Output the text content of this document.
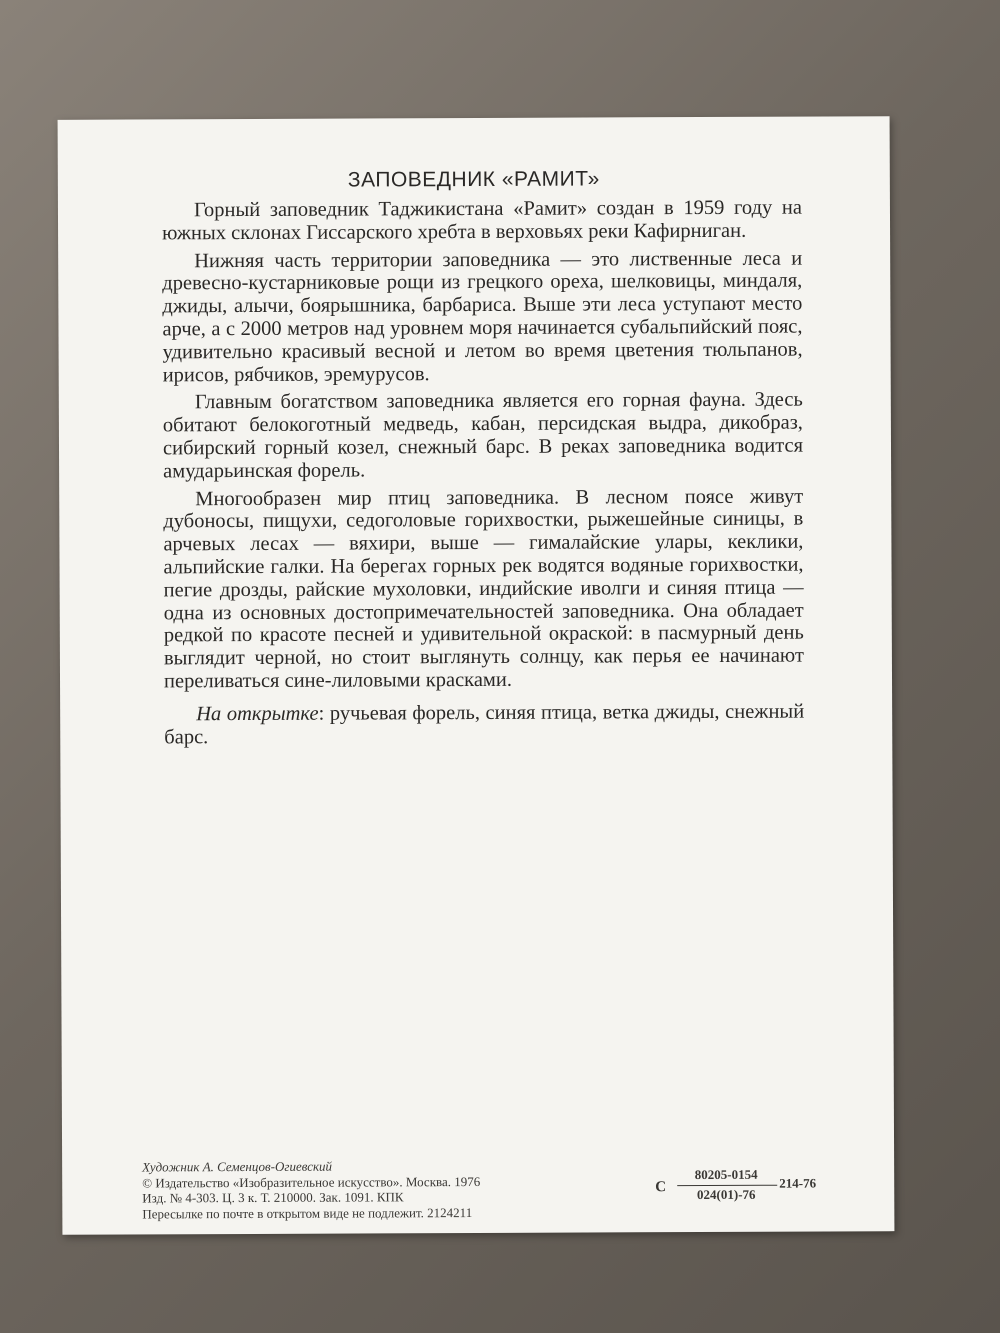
ЗАПОВЕДНИК «РАМИТ»

Горный заповедник Таджикистана «Рамит» создан в 1959 году на южных склонах Гиссарского хребта в верховьях реки Кафирниган.

Нижняя часть территории заповедника — это лиственные леса и древесно-кустарниковые рощи из грецкого ореха, шелковицы, миндаля, джиды, алычи, боярышника, барбариса. Выше эти леса уступают место арче, а с 2000 метров над уровнем моря начинается субальпийский пояс, удивительно красивый весной и летом во время цветения тюльпанов, ирисов, рябчиков, эремурусов.

Главным богатством заповедника является его горная фауна. Здесь обитают белокоготный медведь, кабан, персидская выдра, дикобраз, сибирский горный козел, снежный барс. В реках заповедника водится амударьинская форель.

Многообразен мир птиц заповедника. В лесном поясе живут дубоносы, пищухи, седоголовые горихвостки, рыжешейные синицы, в арчевых лесах — вяхири, выше — гималайские улары, кеклики, альпийские галки. На берегах горных рек водятся водяные горихвостки, пегие дрозды, райские мухоловки, индийские иволги и синяя птица — одна из основных достопримечательностей заповедника. Она обладает редкой по красоте песней и удивительной окраской: в пасмурный день выглядит черной, но стоит выглянуть солнцу, как перья ее начинают переливаться сине-лиловыми красками.

На открытке: ручьевая форель, синяя птица, ветка джиды, снежный барс.

Художник А. Семенцов-Огиевский
© Издательство «Изобразительное искусство». Москва. 1976
Изд. № 4-303. Ц. 3 к. Т. 210000. Зак. 1091. КПК
Пересылке по почте в открытом виде не подлежит. 2124211
С
80205-0154
024(01)-76
214-76
